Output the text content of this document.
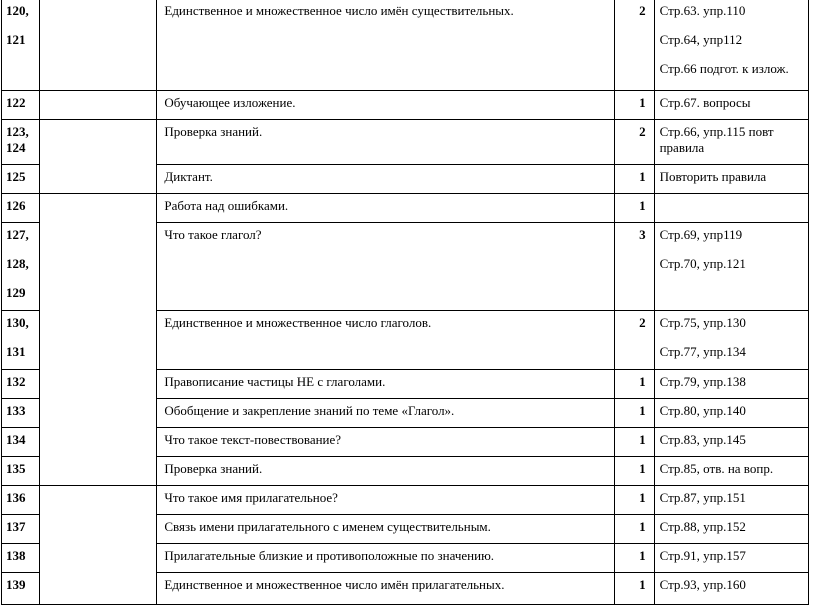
120,
121		Единственное и множественное число имён существительных.	2	Стр.63. упр.110
Стр.64, упр112
Стр.66 подгот. к излож.

122		Обучающее изложение.	1	Стр.67. вопросы

123,
124		Проверка знаний.	2	Стр.66, упр.115 повт правила

125		Диктант.	1	Повторить правила

126		Работа над ошибками.	1	

127,
128,
129		Что такое глагол?	3	Стр.69, упр119
Стр.70, упр.121

130,
131		Единственное и множественное число глаголов.	2	Стр.75, упр.130
Стр.77, упр.134

132		Правописание частицы НЕ с глаголами.	1	Стр.79, упр.138

133		Обобщение и закрепление знаний по теме «Глагол».	1	Стр.80, упр.140

134		Что такое текст-повествование?	1	Стр.83, упр.145

135		Проверка знаний.	1	Стр.85, отв. на вопр.

136		Что такое имя прилагательное?	1	Стр.87, упр.151

137		Связь имени прилагательного с именем существительным.	1	Стр.88, упр.152

138		Прилагательные близкие и противоположные по значению.	1	Стр.91, упр.157

139		Единственное и множественное число имён прилагательных.	1	Стр.93, упр.160
